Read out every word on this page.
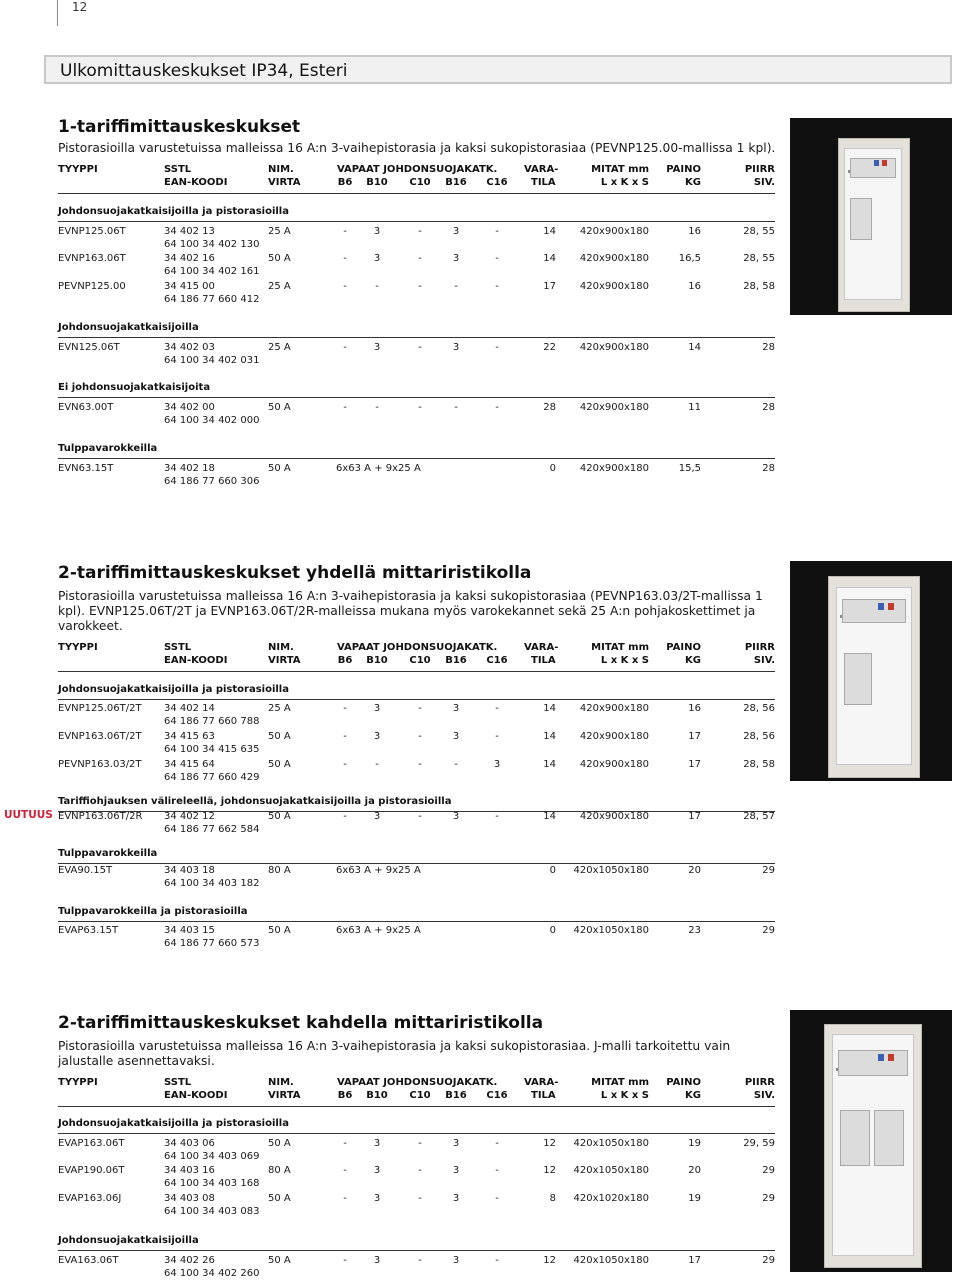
12
Ulkomittauskeskukset IP34, Esteri
1-tariffimittauskeskukset
Pistorasioilla varustetuissa malleissa 16 A:n 3-vaihepistorasia ja kaksi sukopistorasiaa (PEVNP125.00-mallissa 1 kpl).
TYYPPI	SSTL
EAN-KOODI
NIM.
VIRTA
VAPAAT JOHDONSUOJAKATK.
B6 B10 C10 B16 C16
VARA-
TILA
MITAT mm
L x K x S
PAINO
KG
PIIRR
SIV.
Johdonsuojakatkaisijoilla ja pistorasioilla
EVNP125.06T	34 402 13
64 100 34 402 130
25 A	-	3	-	3	-	14	420x900x180	16	28, 55
EVNP163.06T	34 402 16
64 100 34 402 161
50 A	-	3	-	3	-	14	420x900x180	16,5	28, 55
PEVNP125.00	34 415 00
64 186 77 660 412
25 A	-	-	-	-	-	17	420x900x180	16	28, 58
Johdonsuojakatkaisijoilla
EVN125.06T	34 402 03
64 100 34 402 031
25 A	-	3	-	3	-	22	420x900x180	14	28
Ei johdonsuojakatkaisijoita
EVN63.00T	34 402 00
64 100 34 402 000
50 A	-	-	-	-	-	28	420x900x180	11	28
Tulppavarokkeilla
EVN63.15T	34 402 18
64 186 77 660 306
50 A	6x63 A + 9x25 A	0	420x900x180	15,5	28
2-tariffimittauskeskukset yhdellä mittariristikolla
Pistorasioilla varustetuissa malleissa 16 A:n 3-vaihepistorasia ja kaksi sukopistorasiaa (PEVNP163.03/2T-mallissa 1 kpl). EVNP125.06T/2T ja EVNP163.06T/2R-malleissa mukana myös varokekannet sekä 25 A:n pohjakoskettimet ja varokkeet.
TYYPPI	SSTL
EAN-KOODI
NIM.
VIRTA
VAPAAT JOHDONSUOJAKATK.
B6 B10 C10 B16 C16
VARA-
TILA
MITAT mm
L x K x S
PAINO
KG
PIIRR
SIV.
Johdonsuojakatkaisijoilla ja pistorasioilla
EVNP125.06T/2T 34 402 14
64 186 77 660 788
25 A	-	3	-	3	-	14	420x900x180	16	28, 56
EVNP163.06T/2T 34 415 63
64 100 34 415 635
50 A	-	3	-	3	-	14	420x900x180	17	28, 56
PEVNP163.03/2T 34 415 64
64 186 77 660 429
50 A	-	-	-	-	3	14	420x900x180	17	28, 58
Tariffiohjauksen välireleellä, johdonsuojakatkaisijoilla ja pistorasioilla
EVNP163.06T/2R 34 402 12
64 186 77 662 584
50 A	-	3	-	3	-	14	420x900x180	17	28, 57
Tulppavarokkeilla
EVA90.15T	34 403 18
64 100 34 403 182
80 A	6x63 A + 9x25 A	0	420x1050x180	20	29
Tulppavarokkeilla ja pistorasioilla
EVAP63.15T	34 403 15
64 186 77 660 573
50 A	6x63 A + 9x25 A	0	420x1050x180	23	29
2-tariffimittauskeskukset kahdella mittariristikolla
Pistorasioilla varustetuissa malleissa 16 A:n 3-vaihepistorasia ja kaksi sukopistorasiaa. J-malli tarkoitettu vain jalustalle asennettavaksi.
TYYPPI	SSTL
EAN-KOODI
NIM.
VIRTA
VAPAAT JOHDONSUOJAKATK.
B6 B10 C10 B16 C16
VARA-
TILA
MITAT mm
L x K x S
PAINO
KG
PIIRR
SIV.
Johdonsuojakatkaisijoilla ja pistorasioilla
EVAP163.06T	34 403 06
64 100 34 403 069
50 A	-	3	-	3	-	12	420x1050x180	19	29, 59
EVAP190.06T	34 403 16
64 100 34 403 168
80 A	-	3	-	3	-	12	420x1050x180	20	29
EVAP163.06J	34 403 08
64 100 34 403 083
50 A	-	3	-	3	-	8	420x1020x180	19	29
Johdonsuojakatkaisijoilla
EVA163.06T	34 402 26
64 100 34 402 260
50 A	-	3	-	3	-	12	420x1050x180	17	29
UUTUUS
